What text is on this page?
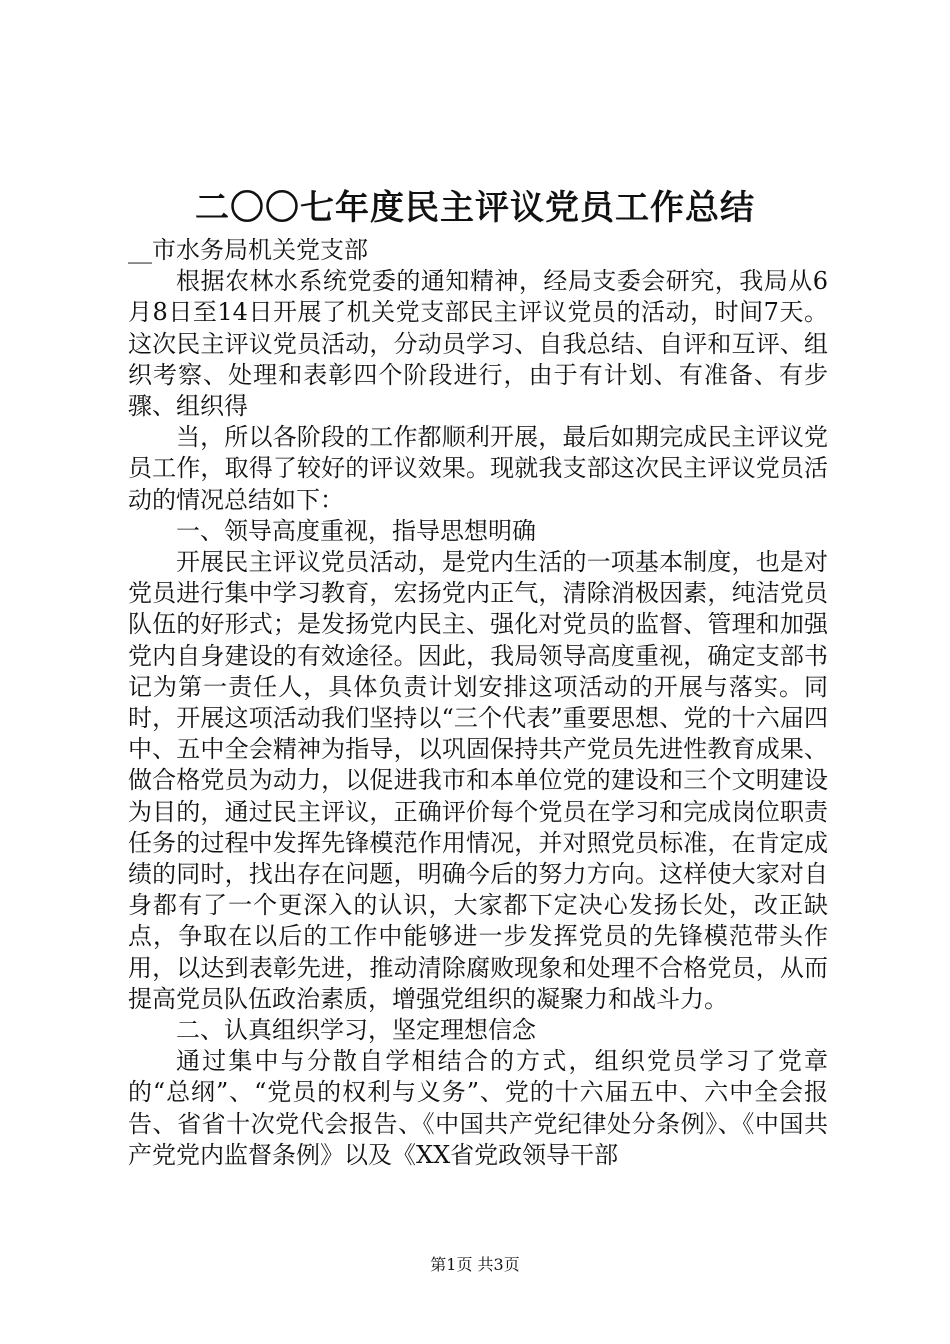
二〇〇七年度民主评议党员工作总结

__市水务局机关党支部

根据农林水系统党委的通知精神，经局支委会研究，我局从6月8日至14日开展了机关党支部民主评议党员的活动，时间7天。这次民主评议党员活动，分动员学习、自我总结、自评和互评、组织考察、处理和表彰四个阶段进行，由于有计划、有准备、有步骤、组织得

当，所以各阶段的工作都顺利开展，最后如期完成民主评议党员工作，取得了较好的评议效果。现就我支部这次民主评议党员活动的情况总结如下：

一、领导高度重视，指导思想明确

开展民主评议党员活动，是党内生活的一项基本制度，也是对党员进行集中学习教育，宏扬党内正气，清除消极因素，纯洁党员队伍的好形式；是发扬党内民主、强化对党员的监督、管理和加强党内自身建设的有效途径。因此，我局领导高度重视，确定支部书记为第一责任人，具体负责计划安排这项活动的开展与落实。同时，开展这项活动我们坚持以“三个代表”重要思想、党的十六届四中、五中全会精神为指导，以巩固保持共产党员先进性教育成果、做合格党员为动力，以促进我市和本单位党的建设和三个文明建设为目的，通过民主评议，正确评价每个党员在学习和完成岗位职责任务的过程中发挥先锋模范作用情况，并对照党员标准，在肯定成绩的同时，找出存在问题，明确今后的努力方向。这样使大家对自身都有了一个更深入的认识，大家都下定决心发扬长处，改正缺点，争取在以后的工作中能够进一步发挥党员的先锋模范带头作用，以达到表彰先进，推动清除腐败现象和处理不合格党员，从而提高党员队伍政治素质，增强党组织的凝聚力和战斗力。

二、认真组织学习，坚定理想信念

通过集中与分散自学相结合的方式，组织党员学习了党章的“总纲”、“党员的权利与义务”、党的十六届五中、六中全会报告、省省十次党代会报告、《中国共产党纪律处分条例》、《中国共产党党内监督条例》以及《XX省党政领导干部

第1页 共3页
